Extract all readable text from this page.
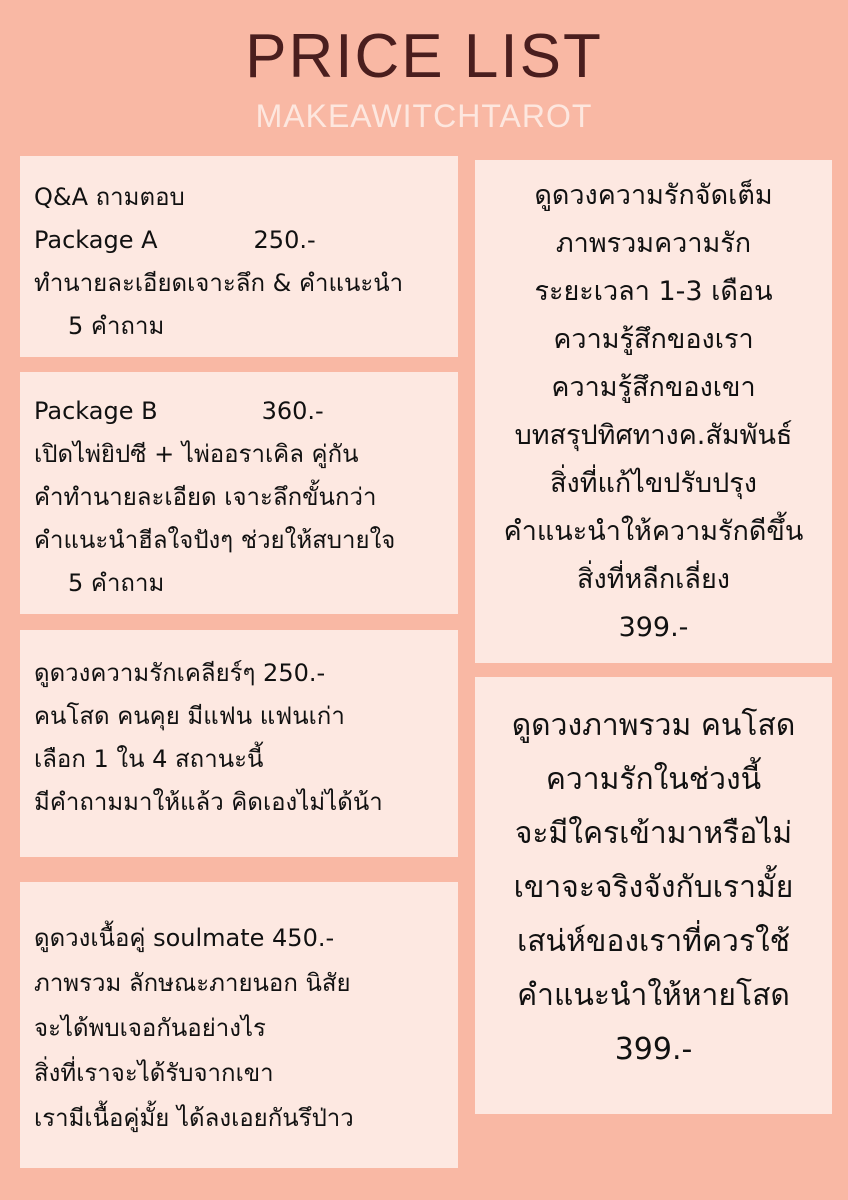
PRICE LIST
MAKEAWITCHTAROT
Q&A ถามตอบ
Package A	250.-
ทำนายละเอียดเจาะลึก & คำแนะนำ
5 คำถาม
Package B	360.-
เปิดไพ่ยิปซี + ไพ่ออราเคิล คู่กัน
คำทำนายละเอียด เจาะลึกขั้นกว่า
คำแนะนำฮีลใจปังๆ ช่วยให้สบายใจ
5 คำถาม
ดูดวงความรักเคลียร์ๆ 250.-
คนโสด คนคุย มีแฟน แฟนเก่า
เลือก 1 ใน 4 สถานะนี้
มีคำถามมาให้แล้ว คิดเองไม่ได้น้า
ดูดวงเนื้อคู่ soulmate 450.-
ภาพรวม ลักษณะภายนอก นิสัย
จะได้พบเจอกันอย่างไร
สิ่งที่เราจะได้รับจากเขา
เรามีเนื้อคู่มั้ย ได้ลงเอยกันรึป่าว
ดูดวงความรักจัดเต็ม
ภาพรวมความรัก
ระยะเวลา 1-3 เดือน
ความรู้สึกของเรา
ความรู้สึกของเขา
บทสรุปทิศทางค.สัมพันธ์
สิ่งที่แก้ไขปรับปรุง
คำแนะนำให้ความรักดีขึ้น
สิ่งที่หลีกเลี่ยง
399.-
ดูดวงภาพรวม คนโสด
ความรักในช่วงนี้
จะมีใครเข้ามาหรือไม่
เขาจะจริงจังกับเรามั้ย
เสน่ห์ของเราที่ควรใช้
คำแนะนำให้หายโสด
399.-
